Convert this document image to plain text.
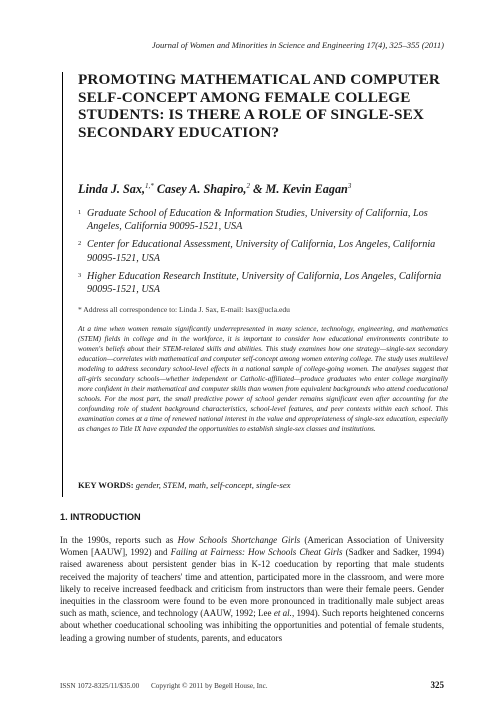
Journal of Women and Minorities in Science and Engineering 17(4), 325–355 (2011)
PROMOTING MATHEMATICAL AND COMPUTER SELF-CONCEPT AMONG FEMALE COLLEGE STUDENTS: IS THERE A ROLE OF SINGLE-SEX SECONDARY EDUCATION?
Linda J. Sax,$^{1,*}$ Casey A. Shapiro,$^2$ & M. Kevin Eagan$^3$
1 Graduate School of Education & Information Studies, University of California, Los Angeles, California 90095-1521, USA
2 Center for Educational Assessment, University of California, Los Angeles, California 90095-1521, USA
3 Higher Education Research Institute, University of California, Los Angeles, California 90095-1521, USA
* Address all correspondence to: Linda J. Sax, E-mail: lsax@ucla.edu

At a time when women remain significantly underrepresented in many science, technology, engineering, and mathematics (STEM) fields in college and in the workforce, it is important to consider how educational environments contribute to women's beliefs about their STEM-related skills and abilities. This study examines how one strategy—single-sex secondary education—correlates with mathematical and computer self-concept among women entering college. The study uses multilevel modeling to address secondary school-level effects in a national sample of college-going women. The analyses suggest that all-girls secondary schools—whether independent or Catholic-affiliated—produce graduates who enter college marginally more confident in their mathematical and computer skills than women from equivalent backgrounds who attend coeducational schools. For the most part, the small predictive power of school gender remains significant even after accounting for the confounding role of student background characteristics, school-level features, and peer contexts within each school. This examination comes at a time of renewed national interest in the value and appropriateness of single-sex education, especially as changes to Title IX have expanded the opportunities to establish single-sex classes and institutions.

KEY WORDS: gender, STEM, math, self-concept, single-sex
1. INTRODUCTION

In the 1990s, reports such as How Schools Shortchange Girls (American Association of University Women [AAUW], 1992) and Failing at Fairness: How Schools Cheat Girls (Sadker and Sadker, 1994) raised awareness about persistent gender bias in K-12 coeducation by reporting that male students received the majority of teachers' time and attention, participated more in the classroom, and were more likely to receive increased feedback and criticism from instructors than were their female peers. Gender inequities in the classroom were found to be even more pronounced in traditionally male subject areas such as math, science, and technology (AAUW, 1992; Lee et al., 1994). Such reports heightened concerns about whether coeducational schooling was inhibiting the opportunities and potential of female students, leading a growing number of students, parents, and educators

ISSN 1072-8325/11/$35.00 Copyright © 2011 by Begell House, Inc.	325
